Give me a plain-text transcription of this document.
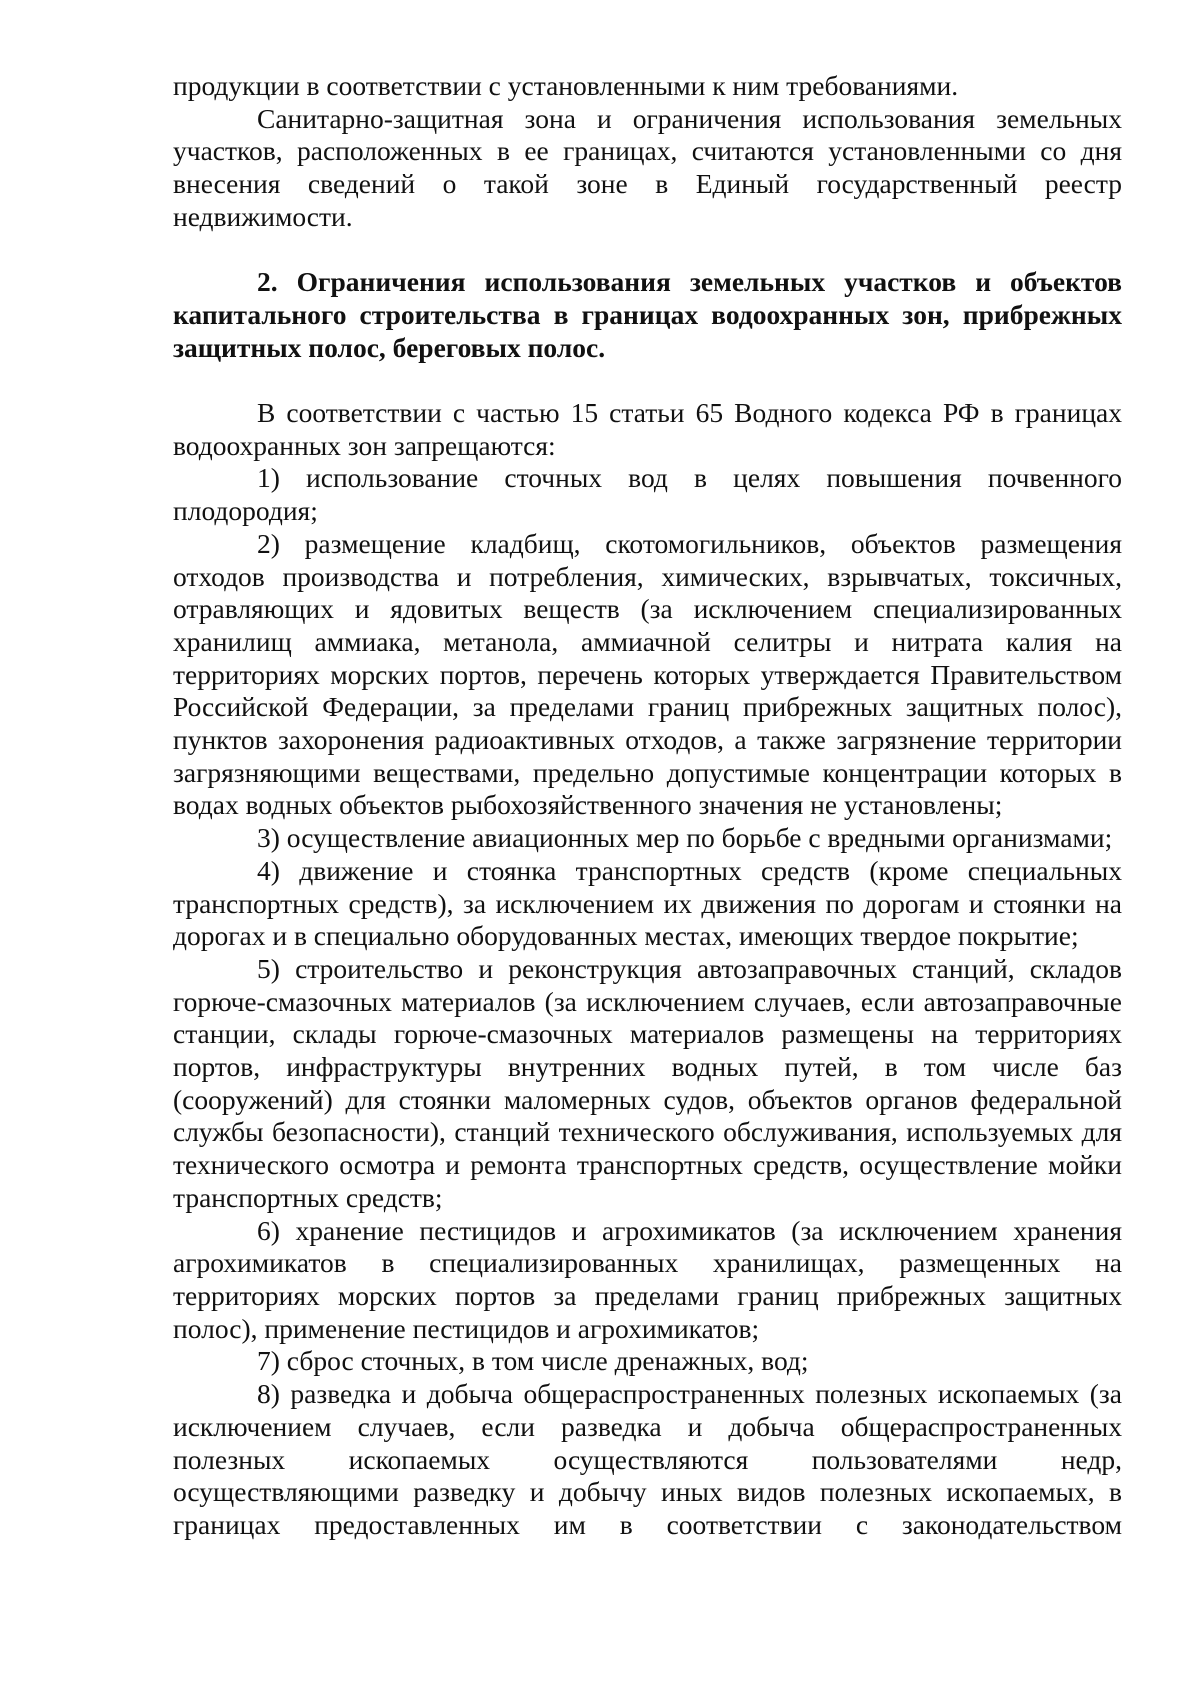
продукции в соответствии с установленными к ним требованиями.

Санитарно-защитная зона и ограничения использования земельных участков, расположенных в ее границах, считаются установленными со дня внесения сведений о такой зоне в Единый государственный реестр недвижимости.

2. Ограничения использования земельных участков и объектов капитального строительства в границах водоохранных зон, прибрежных защитных полос, береговых полос.

В соответствии с частью 15 статьи 65 Водного кодекса РФ в границах водоохранных зон запрещаются:

1) использование сточных вод в целях повышения почвенного плодородия;

2) размещение кладбищ, скотомогильников, объектов размещения отходов производства и потребления, химических, взрывчатых, токсичных, отравляющих и ядовитых веществ (за исключением специализированных хранилищ аммиака, метанола, аммиачной селитры и нитрата калия на территориях морских портов, перечень которых утверждается Правительством Российской Федерации, за пределами границ прибрежных защитных полос), пунктов захоронения радиоактивных отходов, а также загрязнение территории загрязняющими веществами, предельно допустимые концентрации которых в водах водных объектов рыбохозяйственного значения не установлены;

3) осуществление авиационных мер по борьбе с вредными организмами;

4) движение и стоянка транспортных средств (кроме специальных транспортных средств), за исключением их движения по дорогам и стоянки на дорогах и в специально оборудованных местах, имеющих твердое покрытие;

5) строительство и реконструкция автозаправочных станций, складов горюче-смазочных материалов (за исключением случаев, если автозаправочные станции, склады горюче-смазочных материалов размещены на территориях портов, инфраструктуры внутренних водных путей, в том числе баз (сооружений) для стоянки маломерных судов, объектов органов федеральной службы безопасности), станций технического обслуживания, используемых для технического осмотра и ремонта транспортных средств, осуществление мойки транспортных средств;

6) хранение пестицидов и агрохимикатов (за исключением хранения агрохимикатов в специализированных хранилищах, размещенных на территориях морских портов за пределами границ прибрежных защитных полос), применение пестицидов и агрохимикатов;

7) сброс сточных, в том числе дренажных, вод;

8) разведка и добыча общераспространенных полезных ископаемых (за исключением случаев, если разведка и добыча общераспространенных полезных ископаемых осуществляются пользователями недр, осуществляющими разведку и добычу иных видов полезных ископаемых, в границах предоставленных им в соответствии с законодательством
